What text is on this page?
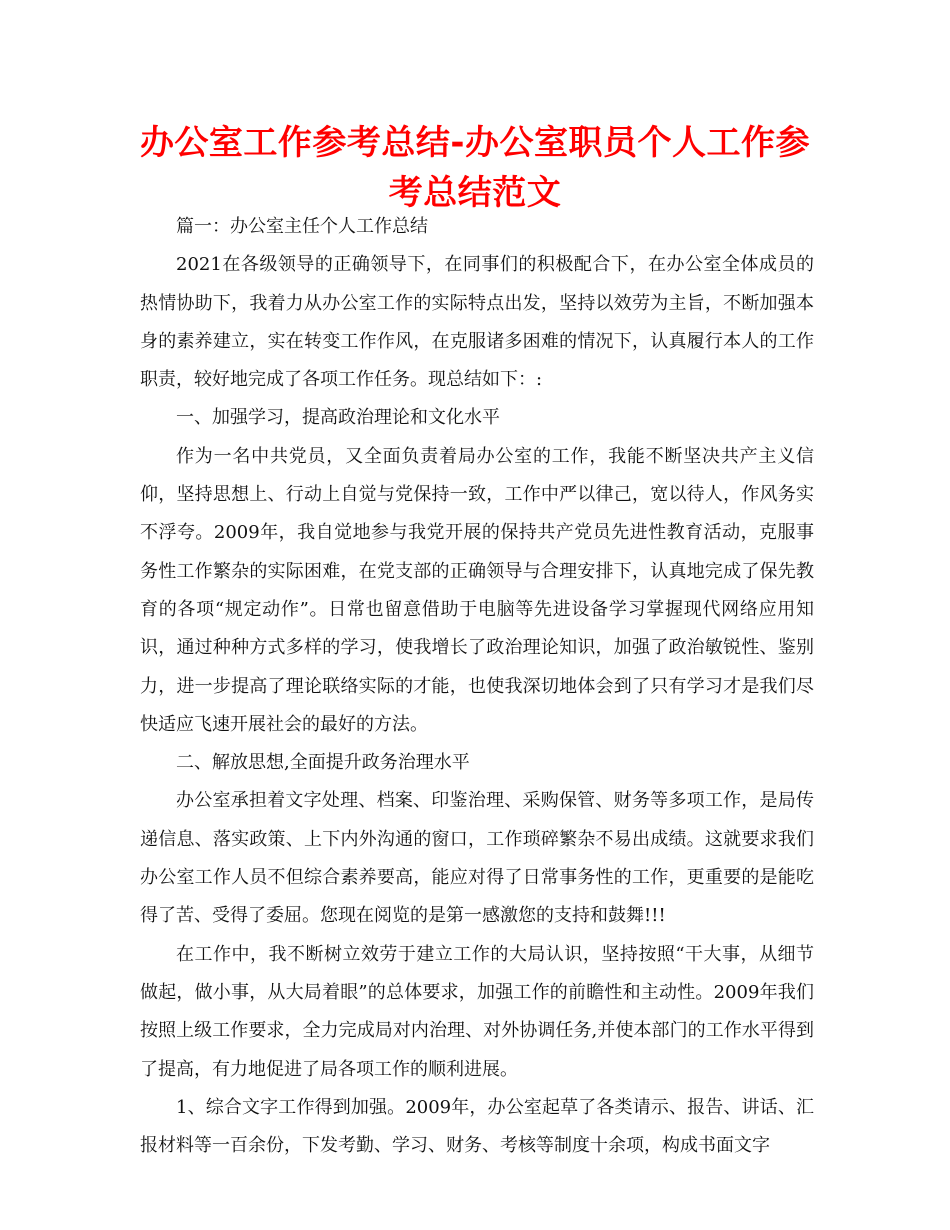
办公室工作参考总结-办公室职员个人工作参考总结范文

篇一：办公室主任个人工作总结

2021在各级领导的正确领导下，在同事们的积极配合下，在办公室全体成员的热情协助下，我着力从办公室工作的实际特点出发，坚持以效劳为主旨，不断加强本身的素养建立，实在转变工作作风，在克服诸多困难的情况下，认真履行本人的工作职责，较好地完成了各项工作任务。现总结如下：:

一、加强学习，提高政治理论和文化水平

作为一名中共党员，又全面负责着局办公室的工作，我能不断坚决共产主义信仰，坚持思想上、行动上自觉与党保持一致，工作中严以律己，宽以待人，作风务实不浮夸。2009年，我自觉地参与我党开展的保持共产党员先进性教育活动，克服事务性工作繁杂的实际困难，在党支部的正确领导与合理安排下，认真地完成了保先教育的各项“规定动作”。日常也留意借助于电脑等先进设备学习掌握现代网络应用知识，通过种种方式多样的学习，使我增长了政治理论知识，加强了政治敏锐性、鉴别力，进一步提高了理论联络实际的才能，也使我深切地体会到了只有学习才是我们尽快适应飞速开展社会的最好的方法。

二、解放思想,全面提升政务治理水平

办公室承担着文字处理、档案、印鉴治理、采购保管、财务等多项工作，是局传递信息、落实政策、上下内外沟通的窗口，工作琐碎繁杂不易出成绩。这就要求我们办公室工作人员不但综合素养要高，能应对得了日常事务性的工作，更重要的是能吃得了苦、受得了委屈。您现在阅览的是第一感激您的支持和鼓舞!!!

在工作中，我不断树立效劳于建立工作的大局认识，坚持按照“干大事，从细节做起，做小事，从大局着眼”的总体要求，加强工作的前瞻性和主动性。2009年我们按照上级工作要求，全力完成局对内治理、对外协调任务,并使本部门的工作水平得到了提高，有力地促进了局各项工作的顺利进展。

1、综合文字工作得到加强。2009年，办公室起草了各类请示、报告、讲话、汇报材料等一百余份，下发考勤、学习、财务、考核等制度十余项，构成书面文字
